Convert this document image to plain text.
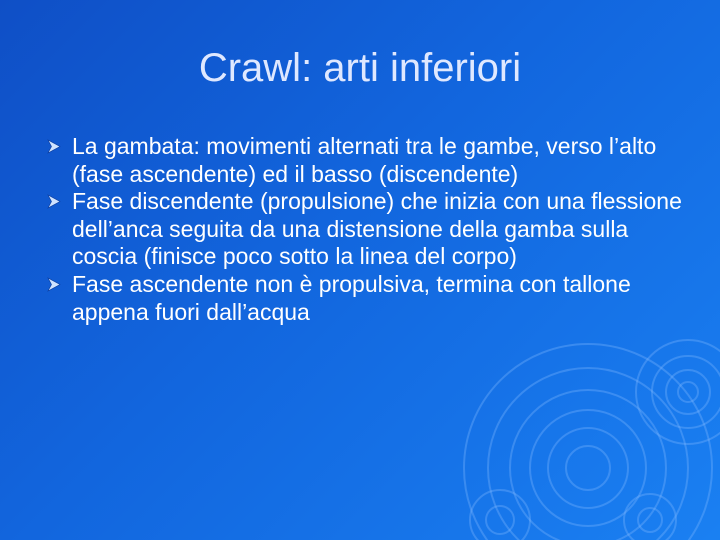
Crawl: arti inferiori
La gambata: movimenti alternati tra le gambe, verso l’alto (fase ascendente) ed il basso (discendente)
Fase discendente (propulsione) che inizia con una flessione dell’anca seguita da una distensione della gamba sulla coscia (finisce poco sotto la linea del corpo)
Fase ascendente non è propulsiva, termina con tallone appena fuori dall’acqua
